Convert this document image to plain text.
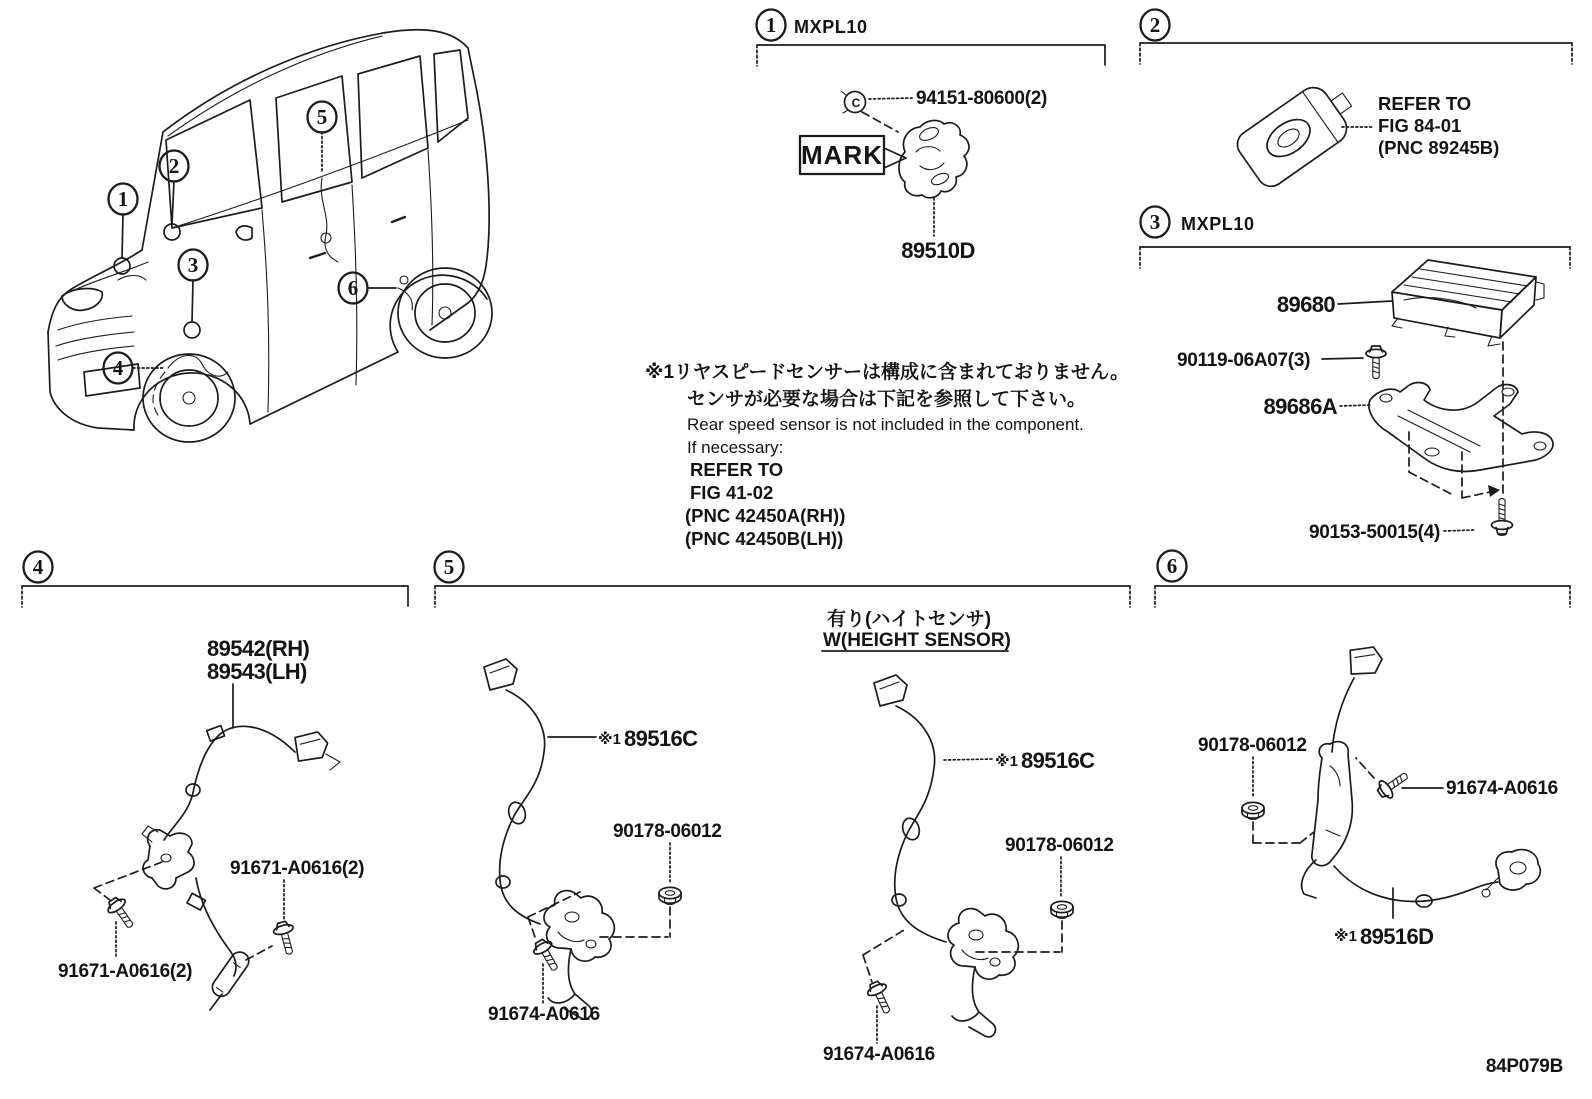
1
2
3
4
5
6
1 MXPL10
C	94151-80600(2)
MARK
89510D
2
REFER TO
FIG 84-01
(PNC 89245B)
3 MXPL10
89680
90119-06A07(3)
89686A
90153-50015(4)
※1リヤスピードセンサーは構成に含まれておりません。
センサが必要な場合は下記を参照して下さい。
Rear speed sensor is not included in the component.
If necessary:
REFER TO
FIG 41-02
(PNC 42450A(RH))
(PNC 42450B(LH))
4
89542(RH)
89543(LH)
91671-A0616(2)
91671-A0616(2)
5
※1 89516C
90178-06012
91674-A0616
有り(ハイトセンサ)
W(HEIGHT SENSOR)
※1 89516C
90178-06012
91674-A0616
6
90178-06012
91674-A0616
※1 89516D
84P079B
